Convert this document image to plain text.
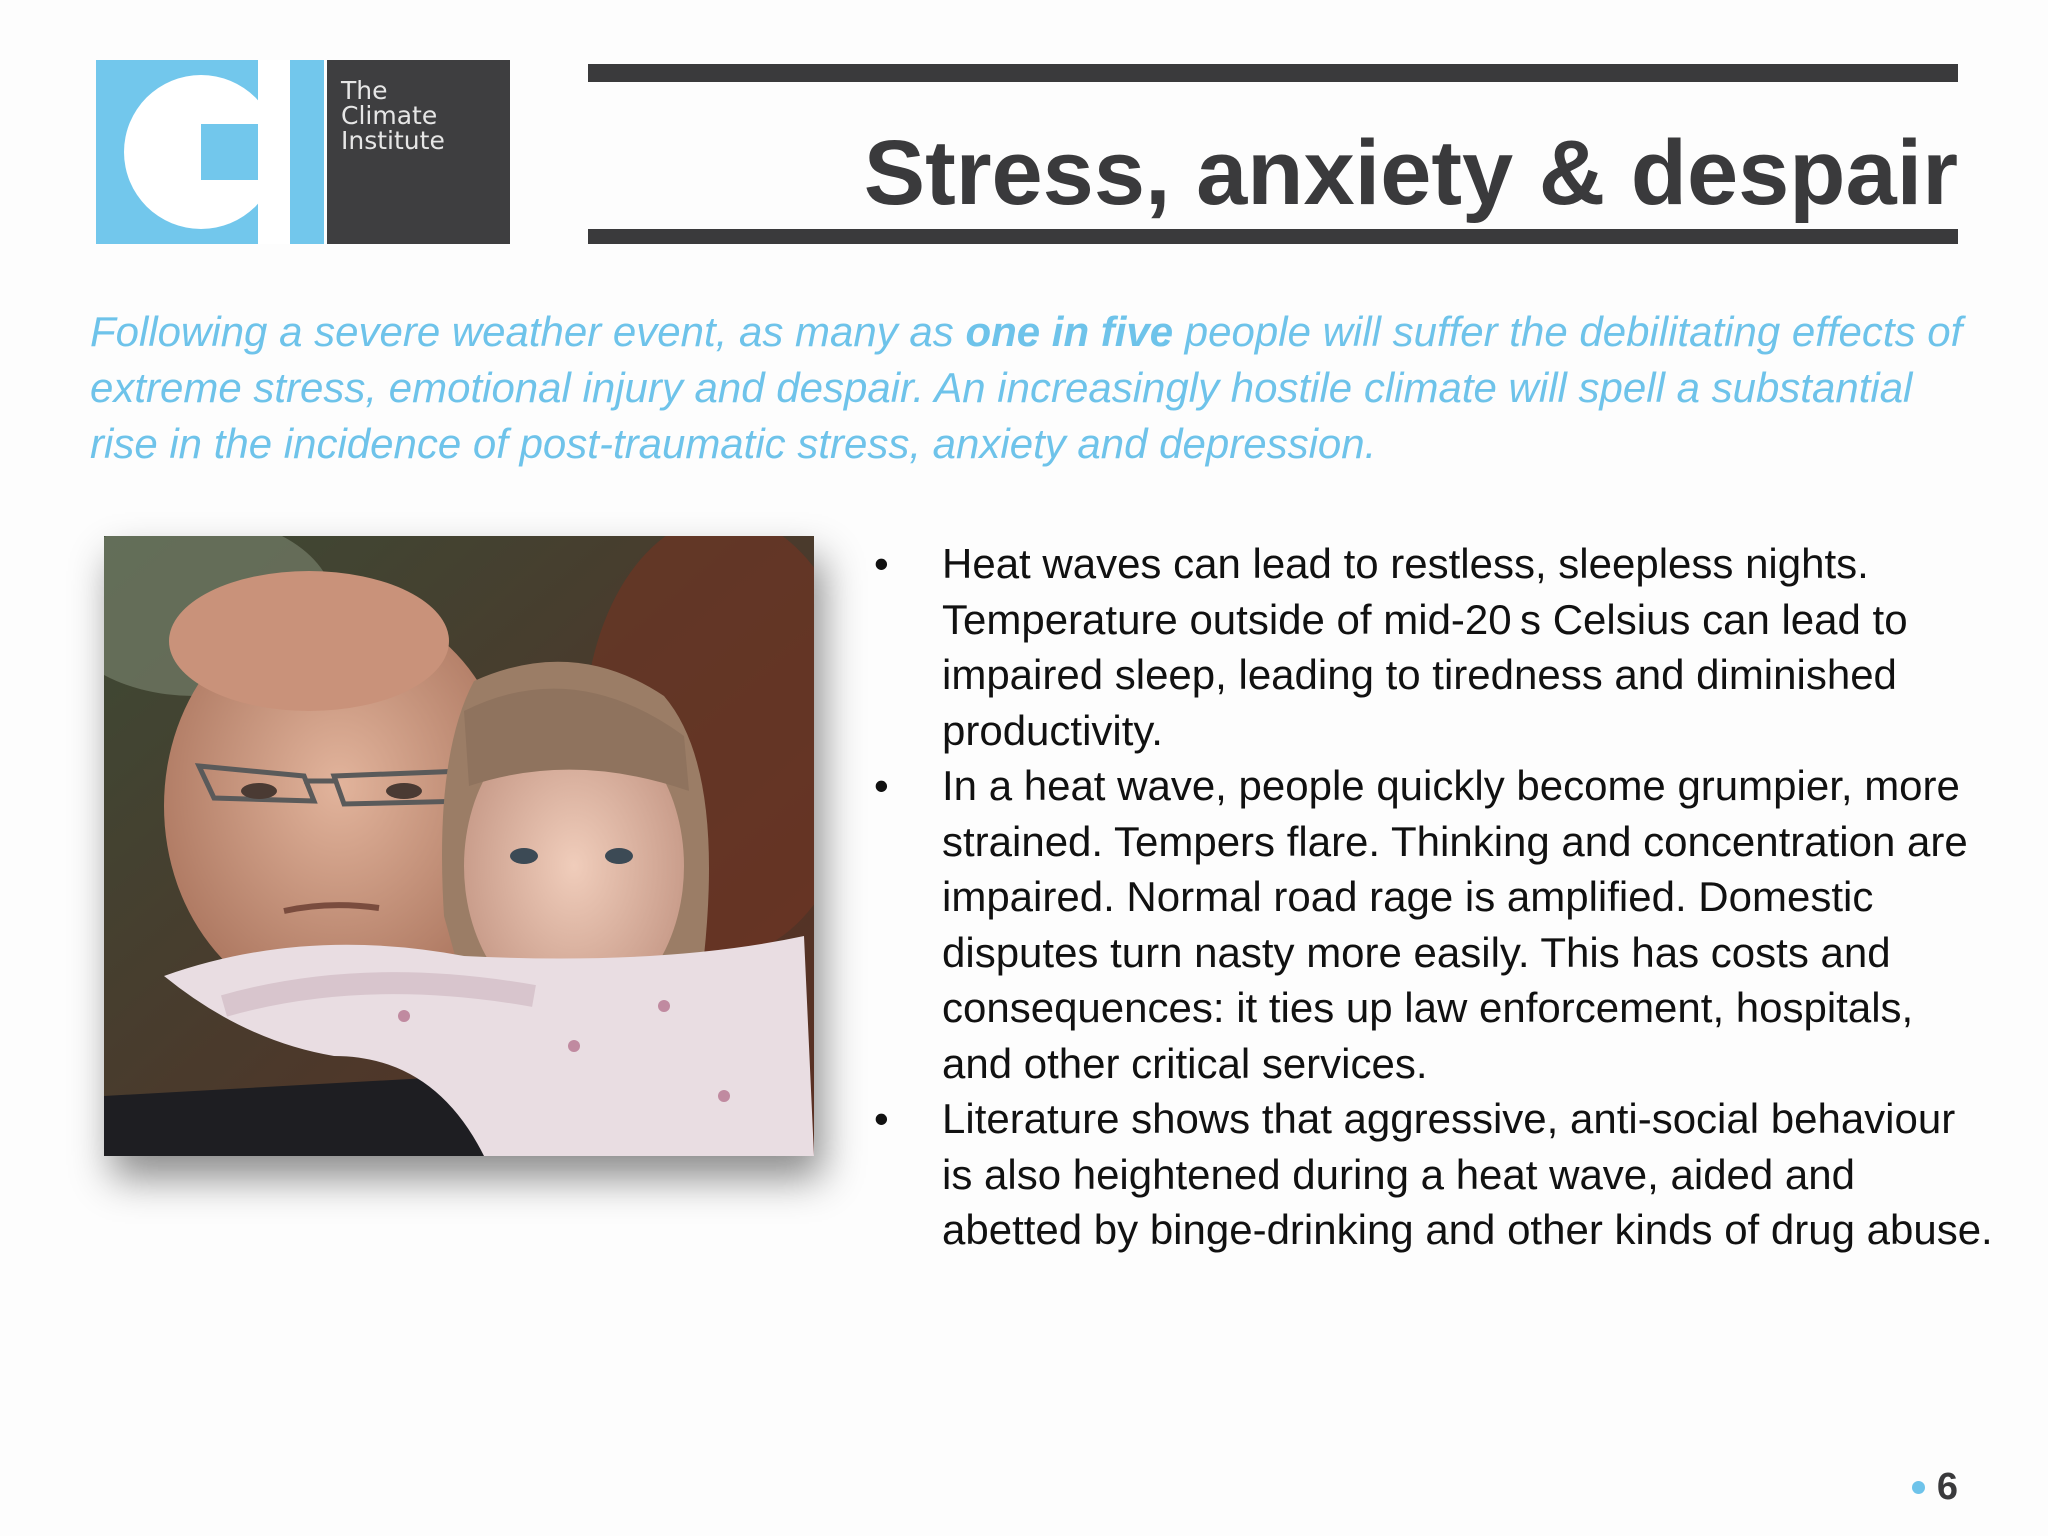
The
Climate
Institute	Stress, anxiety & despair
Following a severe weather event, as many as one in five people will suffer the debilitating effects of extreme stress, emotional injury and despair. An increasingly hostile climate will spell a substantial rise in the incidence of post-traumatic stress, anxiety and depression.
• Heat waves can lead to restless, sleepless nights. Temperature outside of mid-20 s Celsius can lead to impaired sleep, leading to tiredness and diminished productivity.
• In a heat wave, people quickly become grumpier, more strained. Tempers flare. Thinking and concentration are impaired. Normal road rage is amplified. Domestic disputes turn nasty more easily. This has costs and consequences: it ties up law enforcement, hospitals, and other critical services.
• Literature shows that aggressive, anti-social behaviour is also heightened during a heat wave, aided and abetted by binge-drinking and other kinds of drug abuse.
6
